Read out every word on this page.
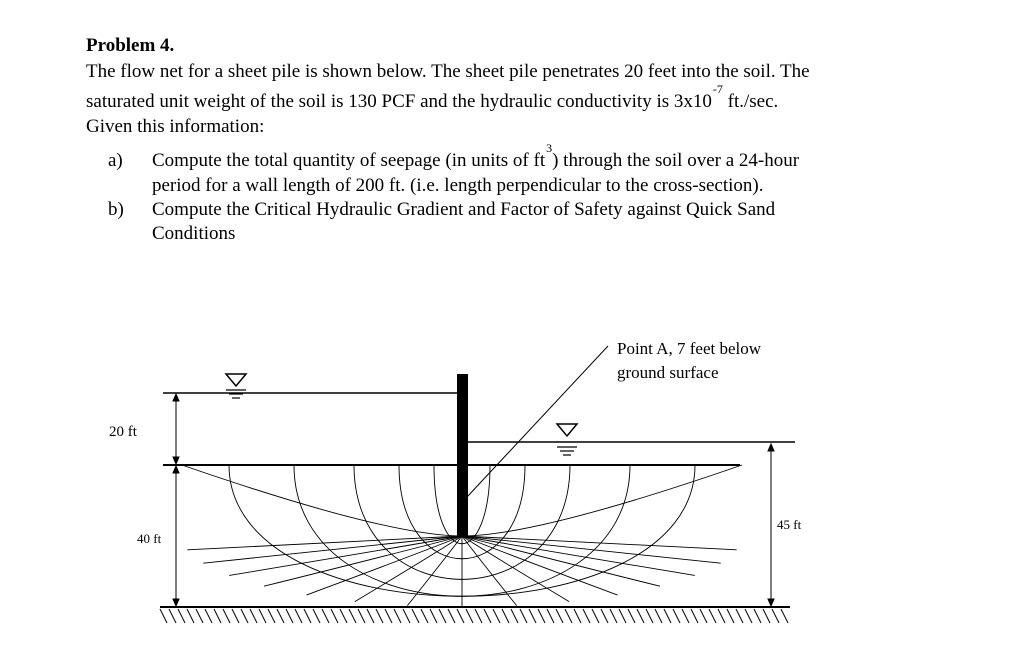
Problem 4.
The flow net for a sheet pile is shown below. The sheet pile penetrates 20 feet into the soil. The
saturated unit weight of the soil is 130 PCF and the hydraulic conductivity is $3x10^{-7}$ ft./sec.
Given this information:
a)	Compute the total quantity of seepage (in units of $ft^3$) through the soil over a 24-hour
period for a wall length of 200 ft. (i.e. length perpendicular to the cross-section).
b)	Compute the Critical Hydraulic Gradient and Factor of Safety against Quick Sand
Conditions
Point A, 7 feet below
ground surface
20 ft
40 ft
45 ft
